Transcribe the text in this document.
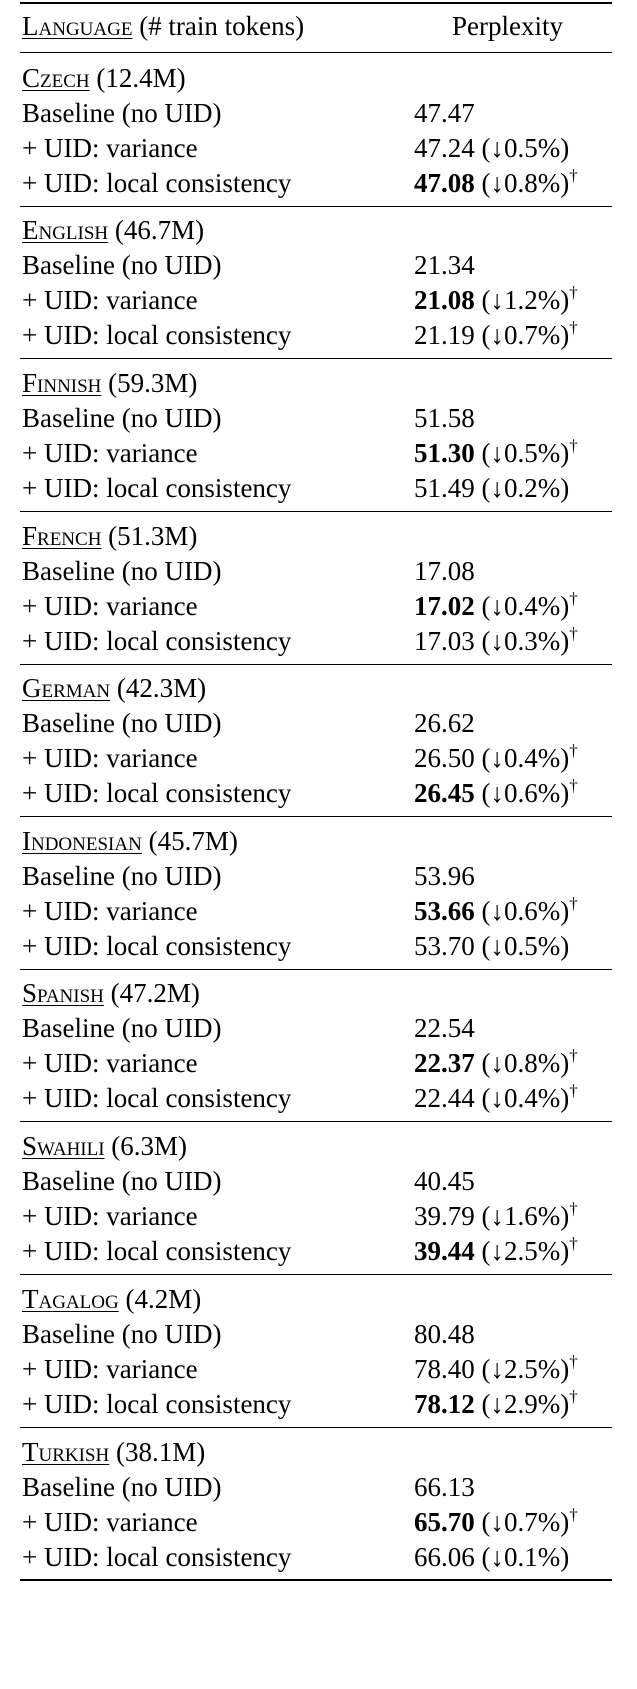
Language (# train tokens)	Perplexity
Czech (12.4M)
Baseline (no UID)	47.47
+ UID: variance	47.24 (↓0.5%)
+ UID: local consistency	47.08 (↓0.8%)†
English (46.7M)
Baseline (no UID)	21.34
+ UID: variance	21.08 (↓1.2%)†
+ UID: local consistency	21.19 (↓0.7%)†
Finnish (59.3M)
Baseline (no UID)	51.58
+ UID: variance	51.30 (↓0.5%)†
+ UID: local consistency	51.49 (↓0.2%)
French (51.3M)
Baseline (no UID)	17.08
+ UID: variance	17.02 (↓0.4%)†
+ UID: local consistency	17.03 (↓0.3%)†
German (42.3M)
Baseline (no UID)	26.62
+ UID: variance	26.50 (↓0.4%)†
+ UID: local consistency	26.45 (↓0.6%)†
Indonesian (45.7M)
Baseline (no UID)	53.96
+ UID: variance	53.66 (↓0.6%)†
+ UID: local consistency	53.70 (↓0.5%)
Spanish (47.2M)
Baseline (no UID)	22.54
+ UID: variance	22.37 (↓0.8%)†
+ UID: local consistency	22.44 (↓0.4%)†
Swahili (6.3M)
Baseline (no UID)	40.45
+ UID: variance	39.79 (↓1.6%)†
+ UID: local consistency	39.44 (↓2.5%)†
Tagalog (4.2M)
Baseline (no UID)	80.48
+ UID: variance	78.40 (↓2.5%)†
+ UID: local consistency	78.12 (↓2.9%)†
Turkish (38.1M)
Baseline (no UID)	66.13
+ UID: variance	65.70 (↓0.7%)†
+ UID: local consistency	66.06 (↓0.1%)
